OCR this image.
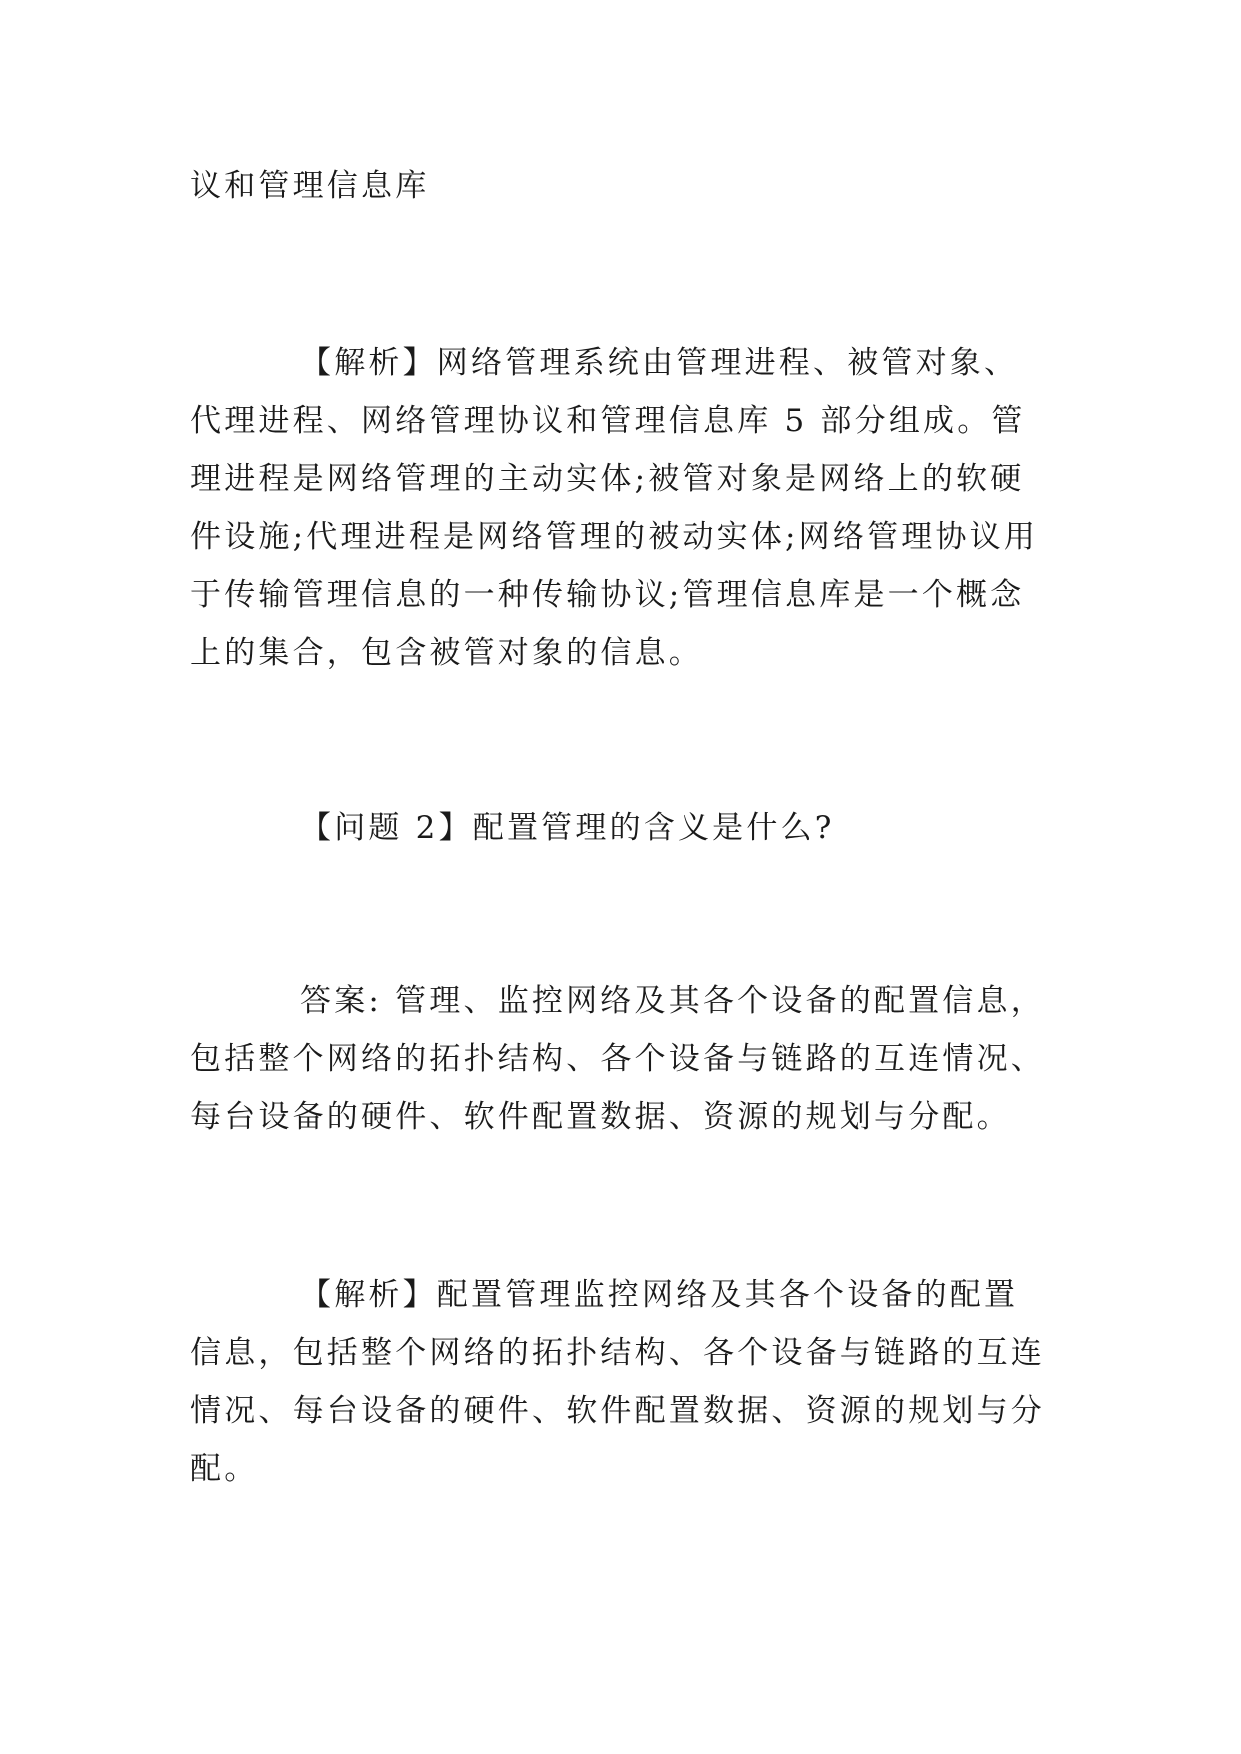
议和管理信息库

【解析】网络管理系统由管理进程、被管对象、代理进程、网络管理协议和管理信息库 5 部分组成。管理进程是网络管理的主动实体;被管对象是网络上的软硬件设施;代理进程是网络管理的被动实体;网络管理协议用于传输管理信息的一种传输协议;管理信息库是一个概念上的集合，包含被管对象的信息。

【问题 2】配置管理的含义是什么?

答案: 管理、监控网络及其各个设备的配置信息，包括整个网络的拓扑结构、各个设备与链路的互连情况、每台设备的硬件、软件配置数据、资源的规划与分配。

【解析】配置管理监控网络及其各个设备的配置信息，包括整个网络的拓扑结构、各个设备与链路的互连情况、每台设备的硬件、软件配置数据、资源的规划与分配。
